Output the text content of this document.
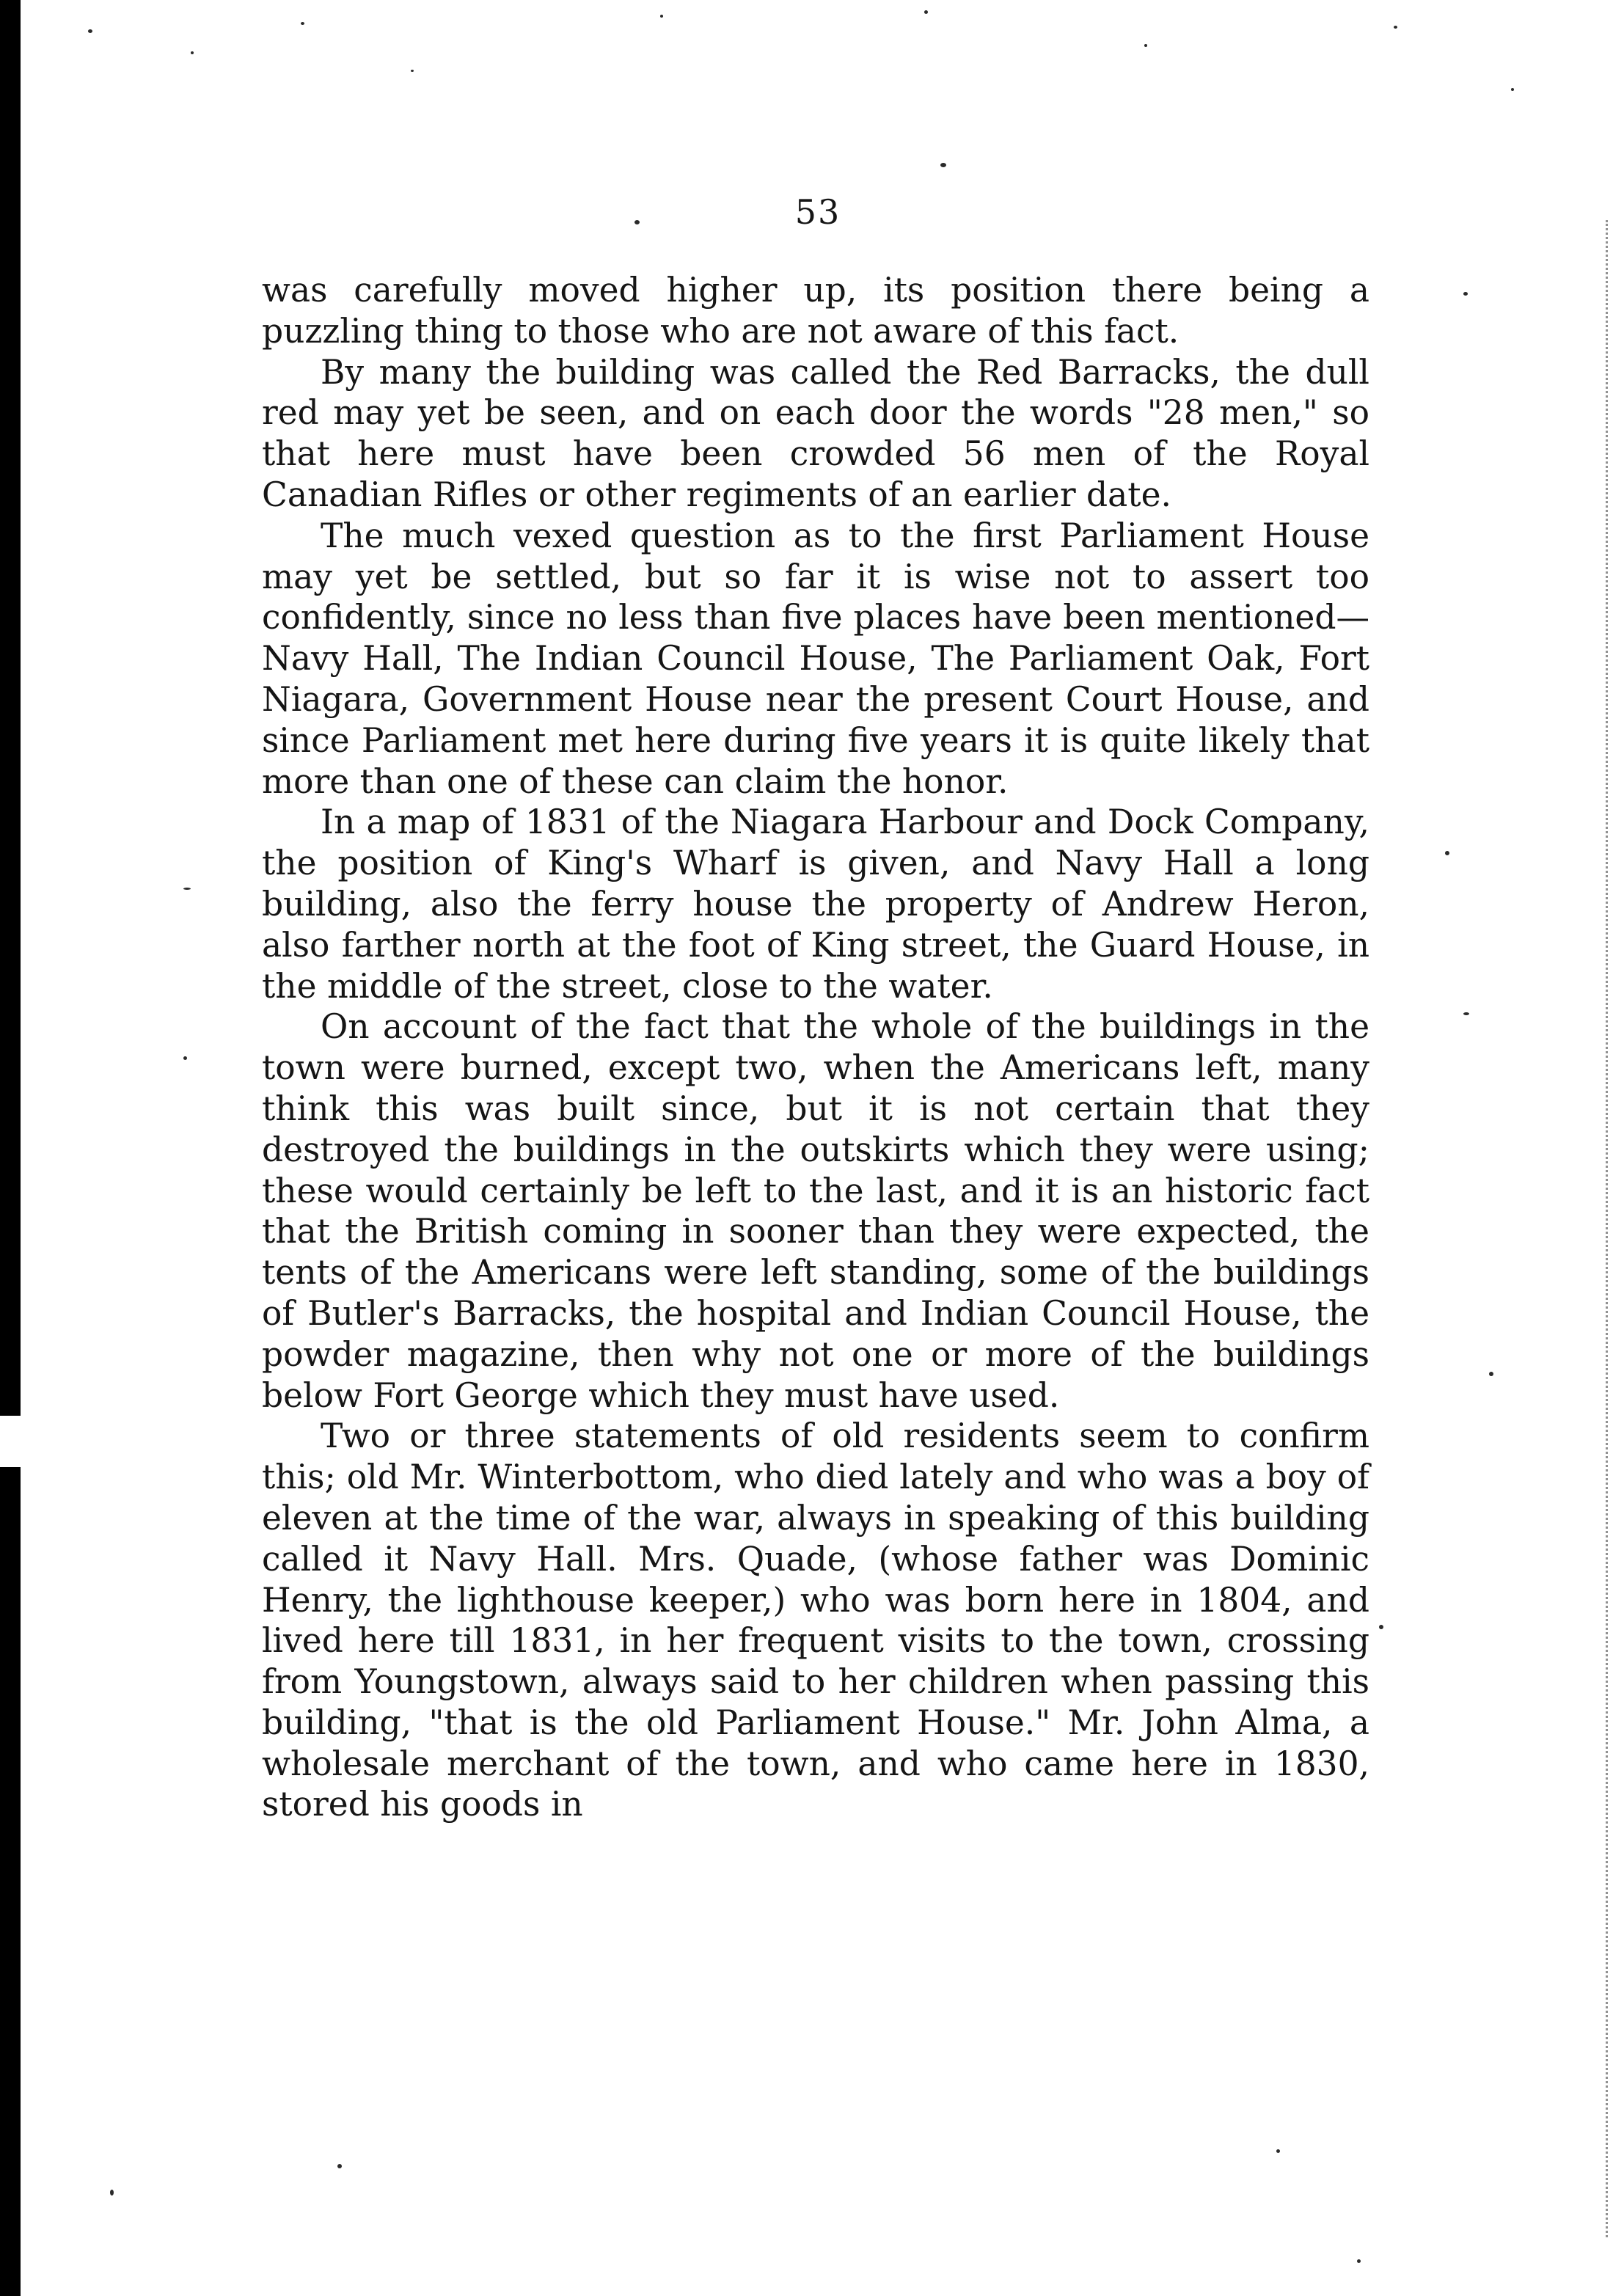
53

was carefully moved higher up, its position there being a puzzling thing to those who are not aware of this fact.

By many the building was called the Red Barracks, the dull red may yet be seen, and on each door the words "28 men," so that here must have been crowded 56 men of the Royal Canadian Rifles or other regiments of an earlier date.

The much vexed question as to the first Parliament House may yet be settled, but so far it is wise not to assert too confidently, since no less than five places have been mentioned—Navy Hall, The Indian Council House, The Parliament Oak, Fort Niagara, Government House near the present Court House, and since Parliament met here during five years it is quite likely that more than one of these can claim the honor.

In a map of 1831 of the Niagara Harbour and Dock Company, the position of King's Wharf is given, and Navy Hall a long building, also the ferry house the property of Andrew Heron, also farther north at the foot of King street, the Guard House, in the middle of the street, close to the water.

On account of the fact that the whole of the buildings in the town were burned, except two, when the Americans left, many think this was built since, but it is not certain that they destroyed the buildings in the outskirts which they were using; these would certainly be left to the last, and it is an historic fact that the British coming in sooner than they were expected, the tents of the Americans were left standing, some of the buildings of Butler's Barracks, the hospital and Indian Council House, the powder magazine, then why not one or more of the buildings below Fort George which they must have used.

Two or three statements of old residents seem to confirm this; old Mr. Winterbottom, who died lately and who was a boy of eleven at the time of the war, always in speaking of this building called it Navy Hall. Mrs. Quade, (whose father was Dominic Henry, the lighthouse keeper,) who was born here in 1804, and lived here till 1831, in her frequent visits to the town, crossing from Youngstown, always said to her children when passing this building, "that is the old Parliament House." Mr. John Alma, a wholesale merchant of the town, and who came here in 1830, stored his goods in
